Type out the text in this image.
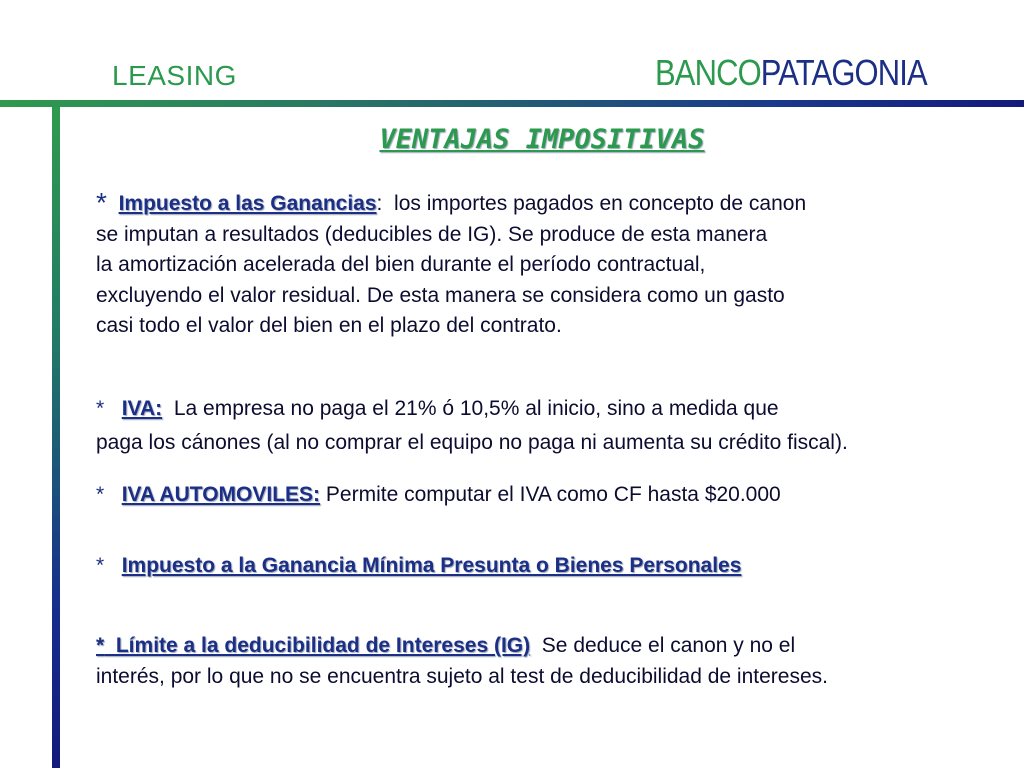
LEASING	BANCOPATAGONIA
VENTAJAS IMPOSITIVAS

* Impuesto a las Ganancias: los importes pagados en concepto de canon

se imputan a resultados (deducibles de IG). Se produce de esta manera

la amortización acelerada del bien durante el período contractual,

excluyendo el valor residual. De esta manera se considera como un gasto

casi todo el valor del bien en el plazo del contrato.

* IVA: La empresa no paga el 21% ó 10,5% al inicio, sino a medida que

paga los cánones (al no comprar el equipo no paga ni aumenta su crédito fiscal).

* IVA AUTOMOVILES: Permite computar el IVA como CF hasta $20.000

* Impuesto a la Ganancia Mínima Presunta o Bienes Personales

*  Límite a la deducibilidad de Intereses (IG) Se deduce el canon y no el

interés, por lo que no se encuentra sujeto al test de deducibilidad de intereses.
